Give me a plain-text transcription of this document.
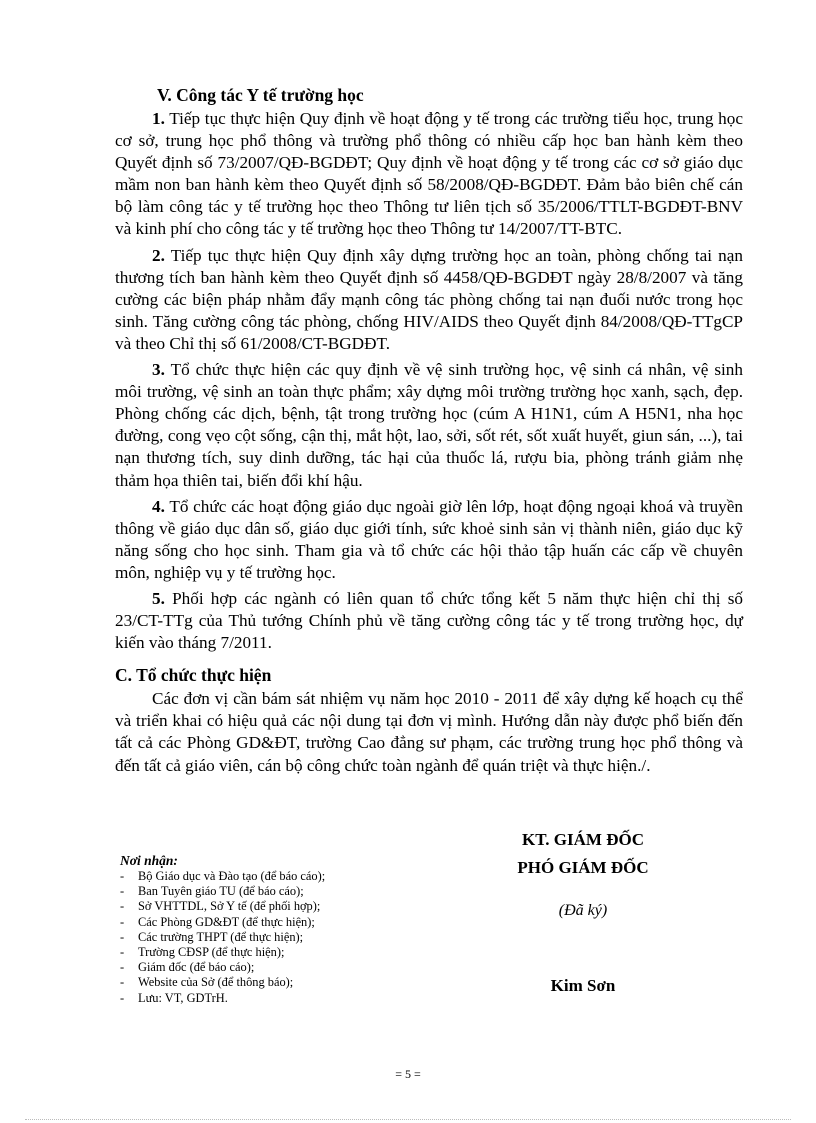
V. Công tác Y tế trường học

1. Tiếp tục thực hiện Quy định về hoạt động y tế trong các trường tiểu học, trung học cơ sở, trung học phổ thông và trường phổ thông có nhiều cấp học ban hành kèm theo Quyết định số 73/2007/QĐ-BGDĐT; Quy định về hoạt động y tế trong các cơ sở giáo dục mầm non ban hành kèm theo Quyết định số 58/2008/QĐ-BGDĐT. Đảm bảo biên chế cán bộ làm công tác y tế trường học theo Thông tư liên tịch số 35/2006/TTLT-BGDĐT-BNV và kinh phí cho công tác y tế trường học theo Thông tư 14/2007/TT-BTC.

2. Tiếp tục thực hiện Quy định xây dựng trường học an toàn, phòng chống tai nạn thương tích ban hành kèm theo Quyết định số 4458/QĐ-BGDĐT ngày 28/8/2007 và tăng cường các biện pháp nhằm đẩy mạnh công tác phòng chống tai nạn đuối nước trong học sinh. Tăng cường công tác phòng, chống HIV/AIDS theo Quyết định 84/2008/QĐ-TTgCP và theo Chỉ thị số 61/2008/CT-BGDĐT.

3. Tổ chức thực hiện các quy định về vệ sinh trường học, vệ sinh cá nhân, vệ sinh môi trường, vệ sinh an toàn thực phẩm; xây dựng môi trường trường học xanh, sạch, đẹp. Phòng chống các dịch, bệnh, tật trong trường học (cúm A H1N1, cúm A H5N1, nha học đường, cong vẹo cột sống, cận thị, mắt hột, lao, sởi, sốt rét, sốt xuất huyết, giun sán, ...), tai nạn thương tích, suy dinh dưỡng, tác hại của thuốc lá, rượu bia, phòng tránh giảm nhẹ thảm họa thiên tai, biến đổi khí hậu.

4. Tổ chức các hoạt động giáo dục ngoài giờ lên lớp, hoạt động ngoại khoá và truyền thông về giáo dục dân số, giáo dục giới tính, sức khoẻ sinh sản vị thành niên, giáo dục kỹ năng sống cho học sinh. Tham gia và tổ chức các hội thảo tập huấn các cấp về chuyên môn, nghiệp vụ y tế trường học.

5. Phối hợp các ngành có liên quan tổ chức tổng kết 5 năm thực hiện chỉ thị số 23/CT-TTg của Thủ tướng Chính phủ về tăng cường công tác y tế trong trường học, dự kiến vào tháng 7/2011.

C. Tổ chức thực hiện

Các đơn vị cần bám sát nhiệm vụ năm học 2010 - 2011 để xây dựng kế hoạch cụ thể và triển khai có hiệu quả các nội dung tại đơn vị mình. Hướng dẫn này được phổ biến đến tất cả các Phòng GD&ĐT, trường Cao đẳng sư phạm, các trường trung học phổ thông và đến tất cả giáo viên, cán bộ công chức toàn ngành để quán triệt và thực hiện./.

Nơi nhận:
- Bộ Giáo dục và Đào tạo (để báo cáo);
- Ban Tuyên giáo TU (để báo cáo);
- Sở VHTTDL, Sở Y tế (để phối hợp);
- Các Phòng GD&ĐT (để thực hiện);
- Các trường THPT (để thực hiện);
- Trường CĐSP (để thực hiện);
- Giám đốc (để báo cáo);
- Website của Sở (để thông báo);
- Lưu: VT, GDTrH.
KT. GIÁM ĐỐC
PHÓ GIÁM ĐỐC
(Đã ký)
Kim Sơn
= 5 =
